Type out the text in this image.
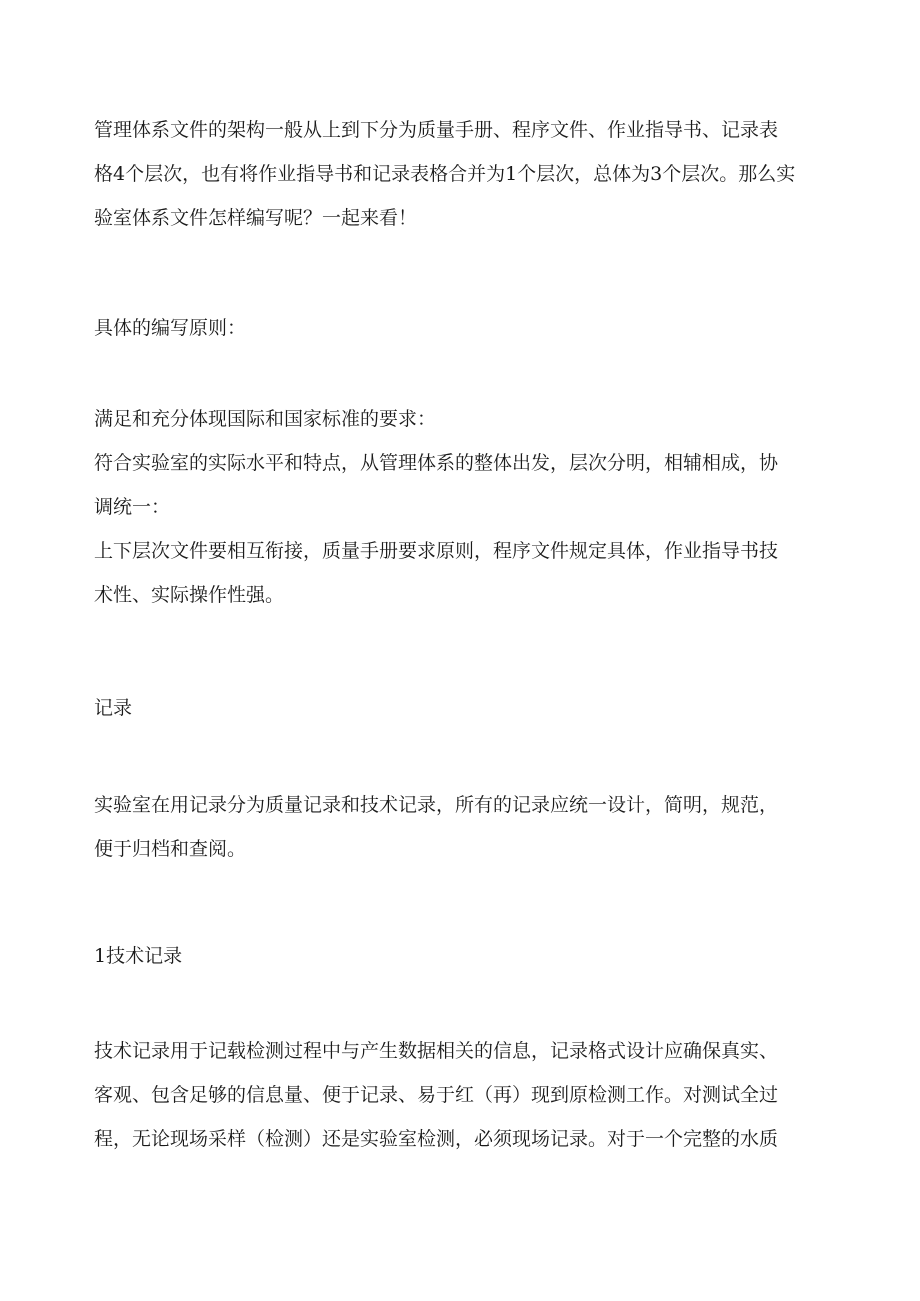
管理体系文件的架构一般从上到下分为质量手册、程序文件、作业指导书、记录表
格4个层次，也有将作业指导书和记录表格合并为1个层次，总体为3个层次。那么实
验室体系文件怎样编写呢？一起来看！
具体的编写原则：
满足和充分体现国际和国家标准的要求：
符合实验室的实际水平和特点，从管理体系的整体出发，层次分明，相辅相成，协
调统一：
上下层次文件要相互衔接，质量手册要求原则，程序文件规定具体，作业指导书技
术性、实际操作性强。
记录
实验室在用记录分为质量记录和技术记录，所有的记录应统一设计，简明，规范，
便于归档和查阅。
1技术记录
技术记录用于记载检测过程中与产生数据相关的信息，记录格式设计应确保真实、
客观、包含足够的信息量、便于记录、易于红（再）现到原检测工作。对测试全过
程，无论现场采样（检测）还是实验室检测，必须现场记录。对于一个完整的水质
